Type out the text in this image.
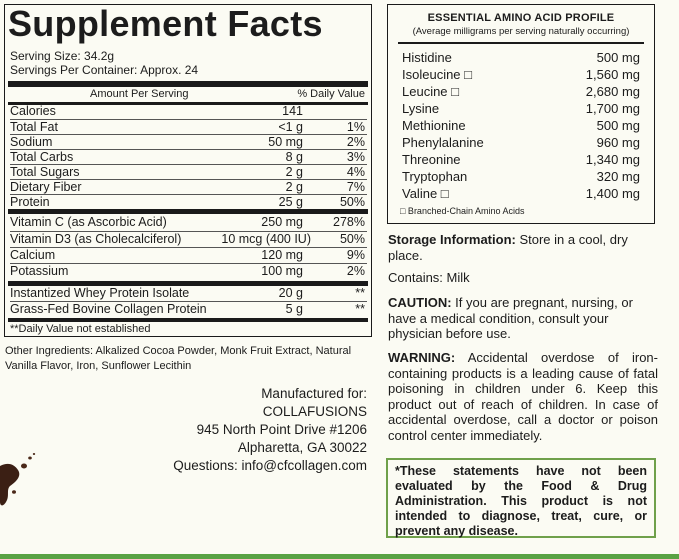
Supplement Facts
Serving Size: 34.2g
Servings Per Container: Approx. 24
Amount Per Serving	% Daily Value
Calories	141
Total Fat	<1 g	1%
Sodium	50 mg	2%
Total Carbs	8 g	3%
Total Sugars	2 g	4%
Dietary Fiber	2 g	7%
Protein	25 g	50%
Vitamin C (as Ascorbic Acid)	250 mg 278%
Vitamin D3 (as Cholecalciferol)	10 mcg (400 IU) 50%
Calcium	120 mg	9%
Potassium	100 mg	2%
Instantized Whey Protein Isolate	20 g	**
Grass-Fed Bovine Collagen Protein	5 g	**
**Daily Value not established
Other Ingredients: Alkalized Cocoa Powder, Monk Fruit Extract, Natural Vanilla Flavor, Iron, Sunflower Lecithin
Manufactured for:
COLLAFUSIONS
945 North Point Drive #1206
Alpharetta, GA 30022
Questions: info@cfcollagen.com
ESSENTIAL AMINO ACID PROFILE
(Average milligrams per serving naturally occurring)
Histidine	500 mg
Isoleucine □	1,560 mg
Leucine □	2,680 mg
Lysine	1,700 mg
Methionine	500 mg
Phenylalanine	960 mg
Threonine	1,340 mg
Tryptophan	320 mg
Valine □	1,400 mg
□ Branched-Chain Amino Acids
Storage Information: Store in a cool, dry place.
Contains: Milk
CAUTION: If you are pregnant, nursing, or have a medical condition, consult your physician before use.
WARNING: Accidental overdose of iron-containing products is a leading cause of fatal poisoning in children under 6. Keep this product out of reach of children. In case of accidental overdose, call a doctor or poison control center immediately.
*These statements have not been evaluated by the Food & Drug Administration. This product is not intended to diagnose, treat, cure, or prevent any disease.
